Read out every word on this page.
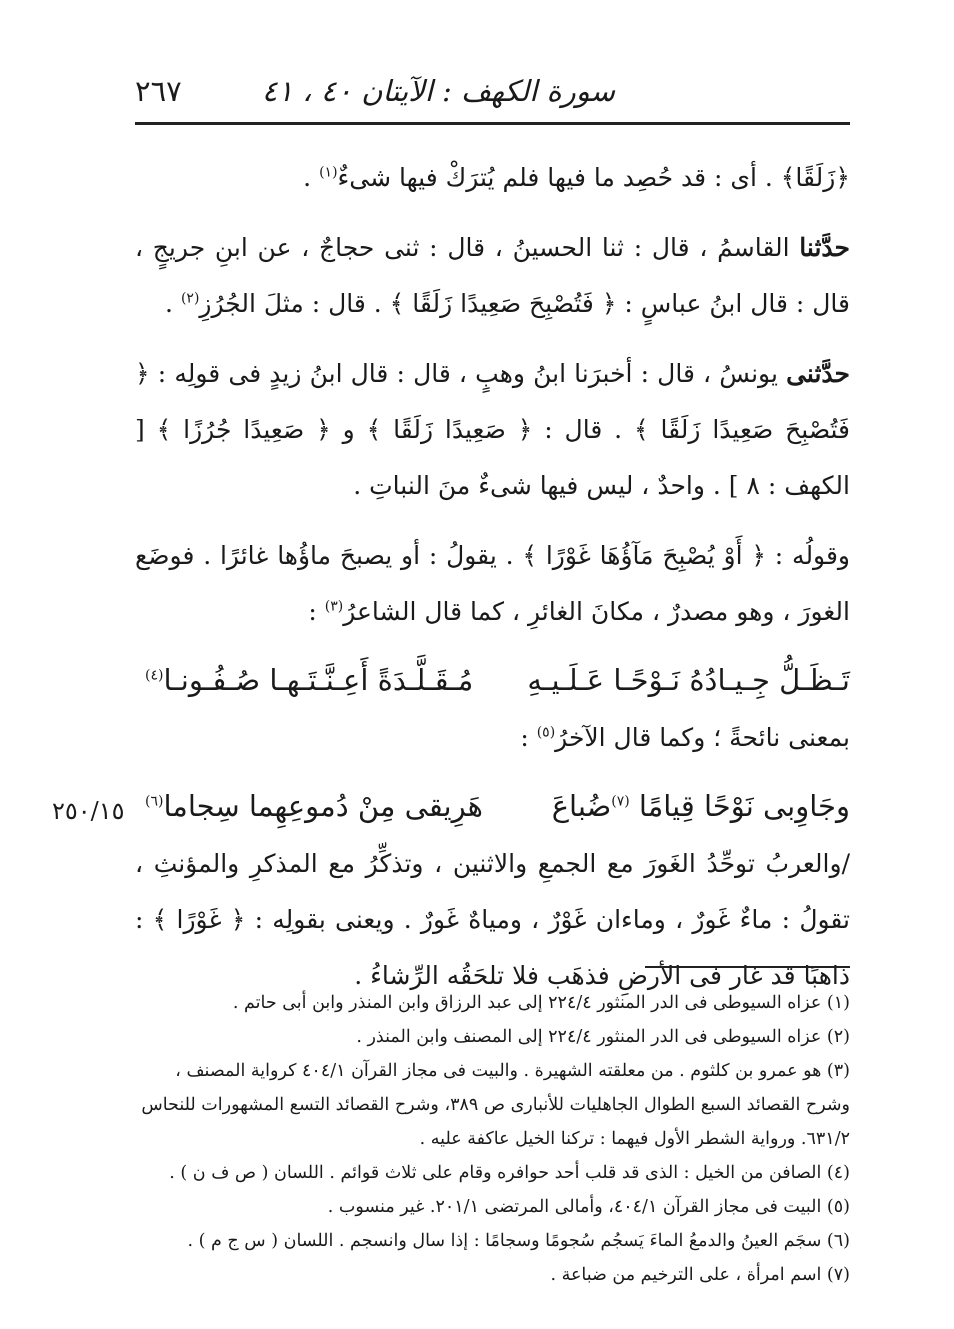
سورة الكهف : الآيتان ٤٠ ، ٤١
٢٦٧

﴿زَلَقًا﴾ . أى : قد حُصِد ما فيها فلم يُترَكْ فيها شىءٌ$^{(١)}$ .

حدَّثنا القاسمُ ، قال : ثنا الحسينُ ، قال : ثنى حجاجٌ ، عن ابنِ جريجٍ ، قال : قال ابنُ عباسٍ : ﴿ فَتُصْبِحَ صَعِيدًا زَلَقًا ﴾ . قال : مثلَ الجُرُزِ$^{(٢)}$ .

حدَّثنى يونسُ ، قال : أخبرَنا ابنُ وهبٍ ، قال : قال ابنُ زيدٍ فى قولِه : ﴿ فَتُصْبِحَ صَعِيدًا زَلَقًا ﴾ . قال : ﴿ صَعِيدًا زَلَقًا ﴾ و ﴿ صَعِيدًا جُرُزًا ﴾ [ الكهف : ٨ ] . واحدٌ ، ليس فيها شىءٌ منَ النباتِ .

وقولُه : ﴿ أَوْ يُصْبِحَ مَآؤُهَا غَوْرًا ﴾ . يقولُ : أو يصبحَ ماؤُها غائرًا . فوضَع الغورَ ، وهو مصدرٌ ، مكانَ الغائرِ ، كما قال الشاعرُ$^{(٣)}$ :

تَـظَـلُّ جِـيـادُهُ نَـوْحًـا عَـلَـيـهِ
مُـقَـلَّـدَةً أَعِـنَّـتَـهـا صُـفُـونـا$^{(٤)}$

بمعنى نائحةً ؛ وكما قال الآخرُ$^{(٥)}$ :

وجَاوِبى نَوْحًا قِيامًا $^{(٧)}$ضُباعَ
هَرِيقى مِنْ دُموعِهِما سِجاما$^{(٦)}$

/والعربُ توحِّدُ الغَورَ مع الجمعِ والاثنين ، وتذكِّرُ مع المذكرِ والمؤنثِ ، تقولُ : ماءٌ غَورٌ ، وماءان غَوْرٌ ، ومياهٌ غَورٌ . ويعنى بقولِه : ﴿ غَوْرًا ﴾ : ذاهبًا قد غار فى الأرضِ فذهَب فلا تلحَقُه الرِّشاءُ .

٢٥٠/١٥

(١) عزاه السيوطى فى الدر المنثور ٢٢٤/٤ إلى عبد الرزاق وابن المنذر وابن أبى حاتم .

(٢) عزاه السيوطى فى الدر المنثور ٢٢٤/٤ إلى المصنف وابن المنذر .

(٣) هو عمرو بن كلثوم . من معلقته الشهيرة . والبيت فى مجاز القرآن ٤٠٤/١ كرواية المصنف ، وشرح القصائد السبع الطوال الجاهليات للأنبارى ص ٣٨٩، وشرح القصائد التسع المشهورات للنحاس ٦٣١/٢. ورواية الشطر الأول فيهما : تركنا الخيل عاكفة عليه .

(٤) الصافن من الخيل : الذى قد قلب أحد حوافره وقام على ثلاث قوائم . اللسان ( ص ف ن ) .

(٥) البيت فى مجاز القرآن ٤٠٤/١، وأمالى المرتضى ٢٠١/١. غير منسوب .

(٦) سجَم العينُ والدمعُ الماءَ يَسجُم سُجومًا وسجامًا : إذا سال وانسجم . اللسان ( س ج م ) .

(٧) اسم امرأة ، على الترخيم من ضباعة .
